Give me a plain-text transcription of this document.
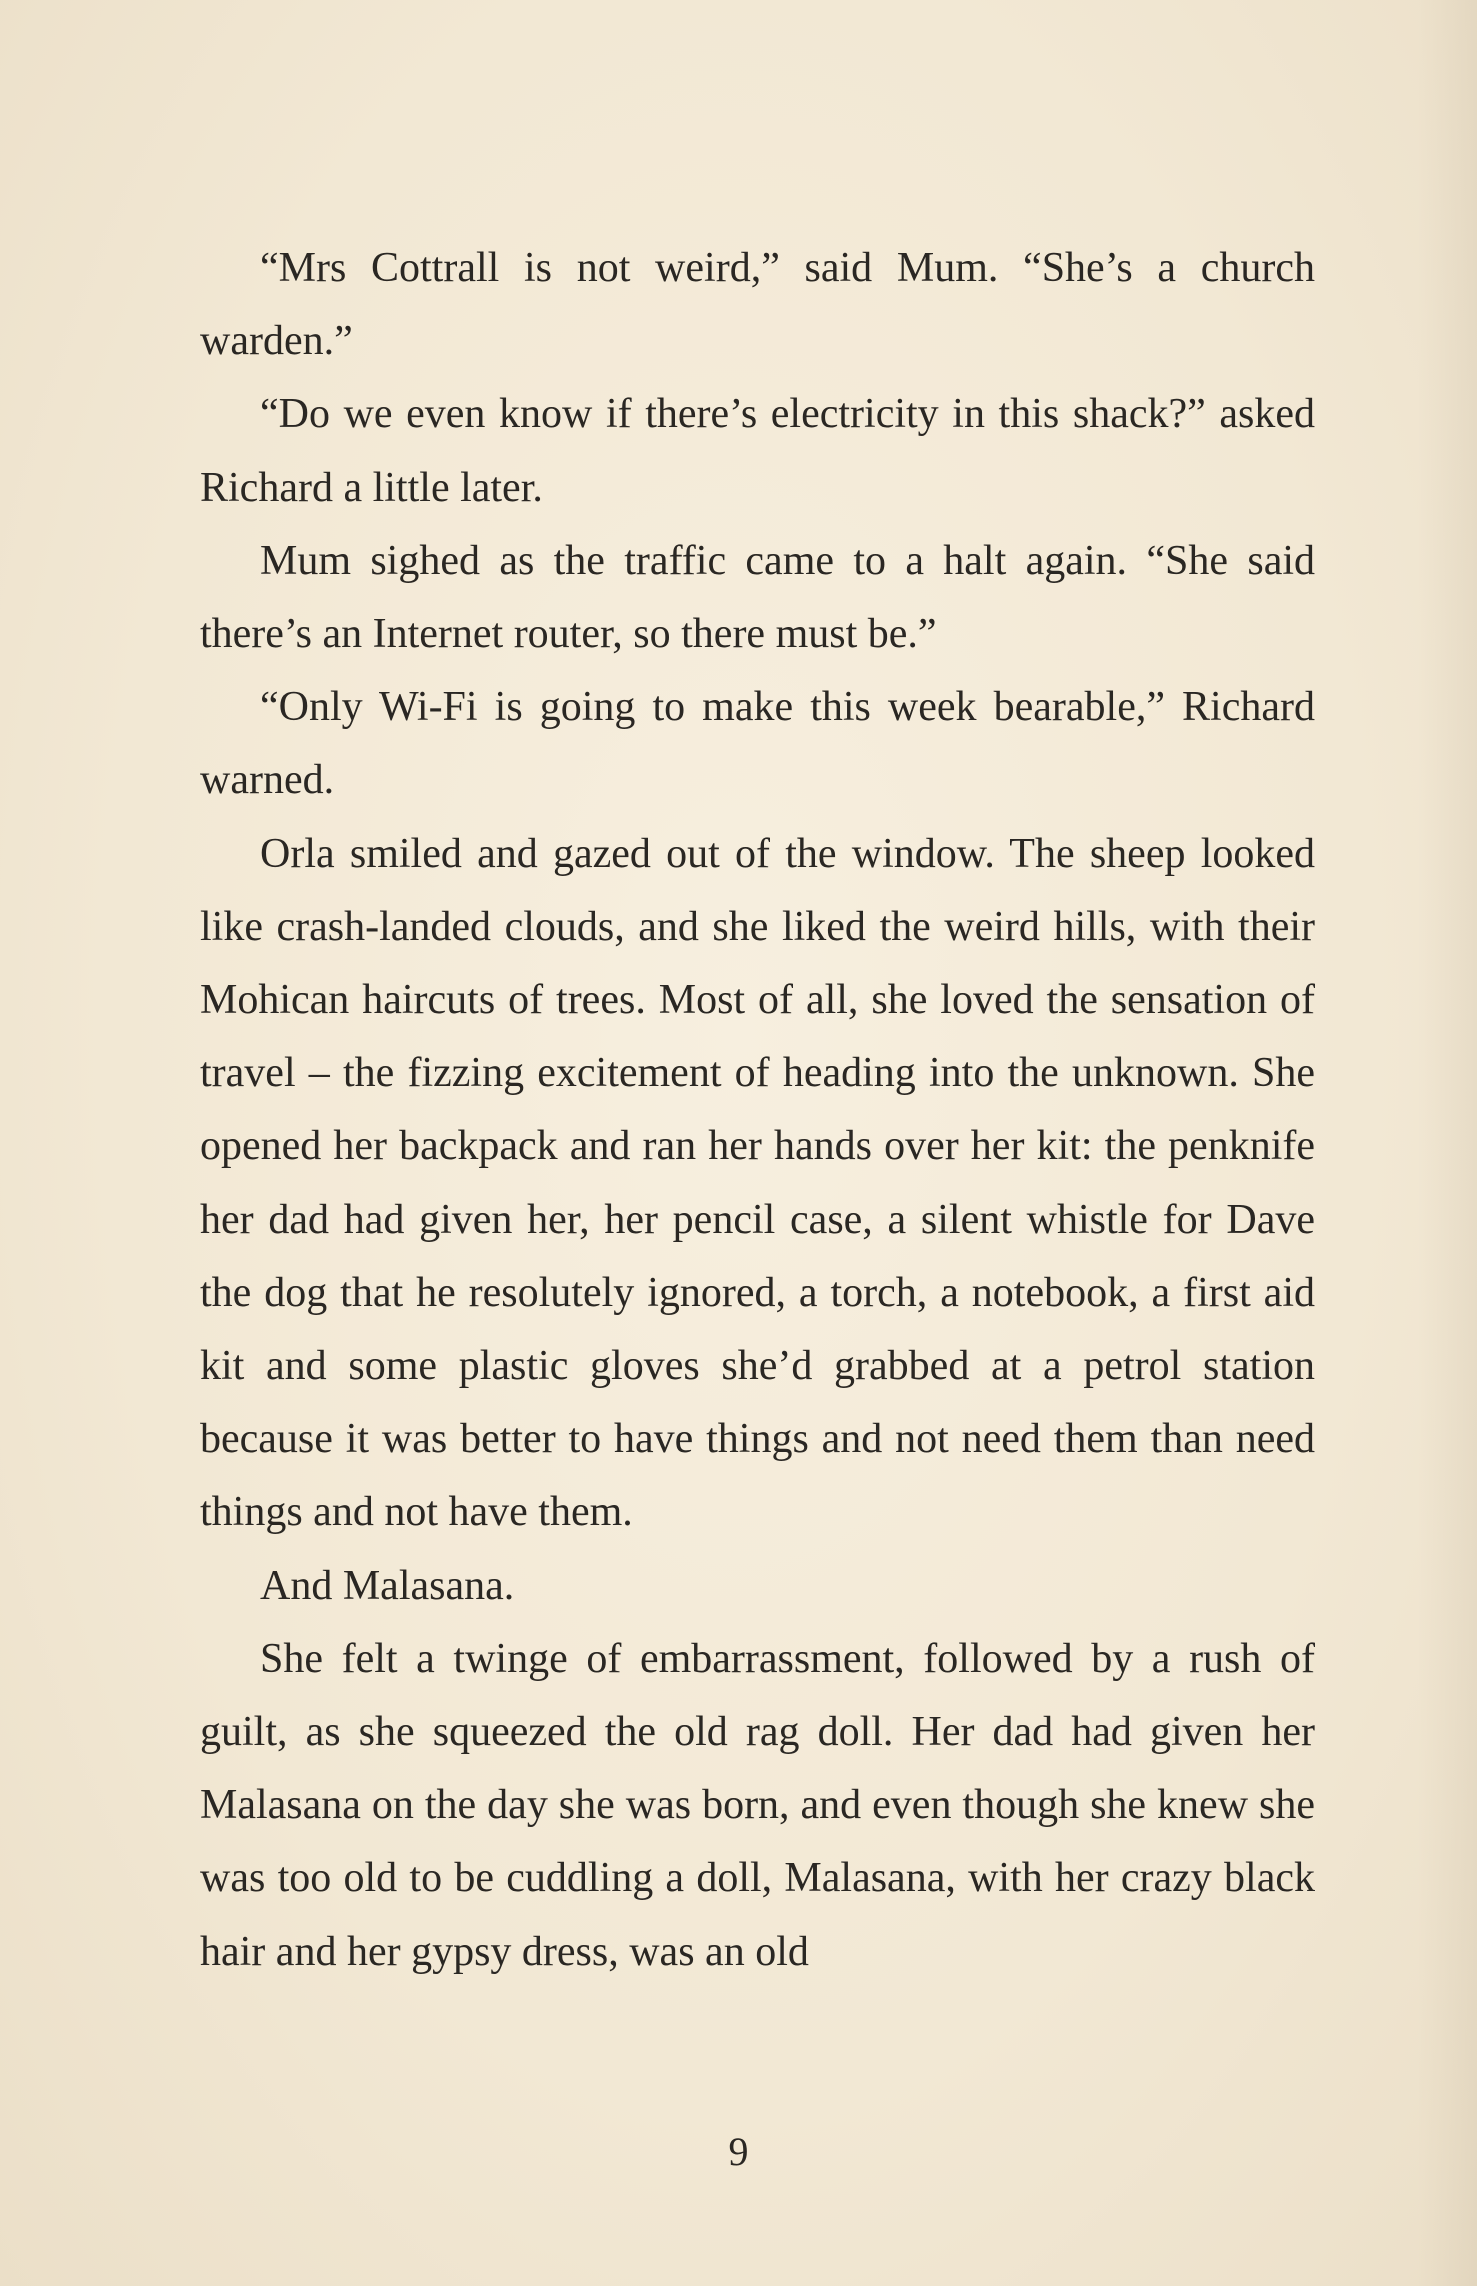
“Mrs Cottrall is not weird,” said Mum. “She’s a church warden.”

“Do we even know if there’s electricity in this shack?” asked Richard a little later.

Mum sighed as the traffic came to a halt again. “She said there’s an Internet router, so there must be.”

“Only Wi-Fi is going to make this week bearable,” Richard warned.

Orla smiled and gazed out of the window. The sheep looked like crash-landed clouds, and she liked the weird hills, with their Mohican haircuts of trees. Most of all, she loved the sensation of travel – the fizzing excitement of heading into the unknown. She opened her backpack and ran her hands over her kit: the penknife her dad had given her, her pencil case, a silent whistle for Dave the dog that he resolutely ignored, a torch, a notebook, a first aid kit and some plastic gloves she’d grabbed at a petrol station because it was better to have things and not need them than need things and not have them.

And Malasana.

She felt a twinge of embarrassment, followed by a rush of guilt, as she squeezed the old rag doll. Her dad had given her Malasana on the day she was born, and even though she knew she was too old to be cuddling a doll, Malasana, with her crazy black hair and her gypsy dress, was an old

9
